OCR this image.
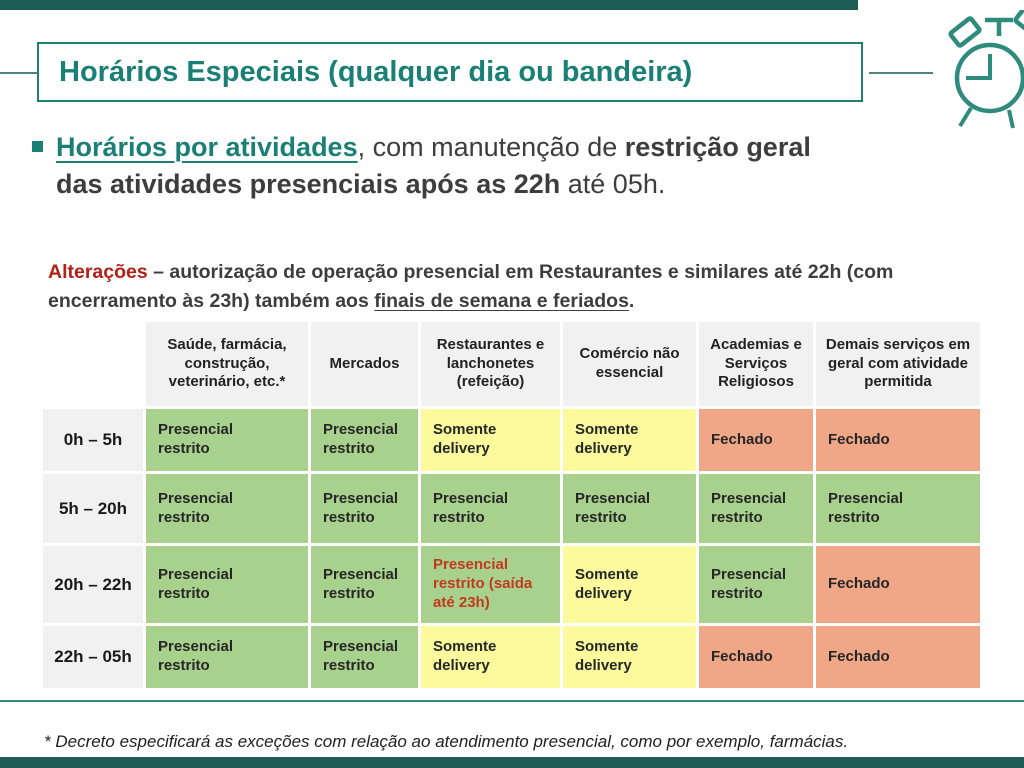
Horários Especiais (qualquer dia ou bandeira)

Horários por atividades, com manutenção de restrição geral
das atividades presenciais após as 22h até 05h.

Alterações – autorização de operação presencial em Restaurantes e similares até 22h (com
encerramento às 23h) também aos finais de semana e feriados.

Saúde, farmácia, construção, veterinário, etc.*
Mercados
Restaurantes e lanchonetes (refeição)
Comércio não essencial
Academias e Serviços Religiosos
Demais serviços em geral com atividade permitida
0h – 5h
Presencial restrito
Presencial restrito
Somente delivery
Somente delivery
Fechado	Fechado
5h – 20h
Presencial restrito
Presencial restrito
Presencial restrito
Presencial restrito
Presencial restrito
Presencial restrito
20h – 22h
Presencial restrito
Presencial restrito
Presencial restrito (saída até 23h)
Somente delivery
Presencial restrito
Fechado
22h – 05h
Presencial restrito
Presencial restrito
Somente delivery
Somente delivery
Fechado	Fechado

* Decreto especificará as exceções com relação ao atendimento presencial, como por exemplo, farmácias.
